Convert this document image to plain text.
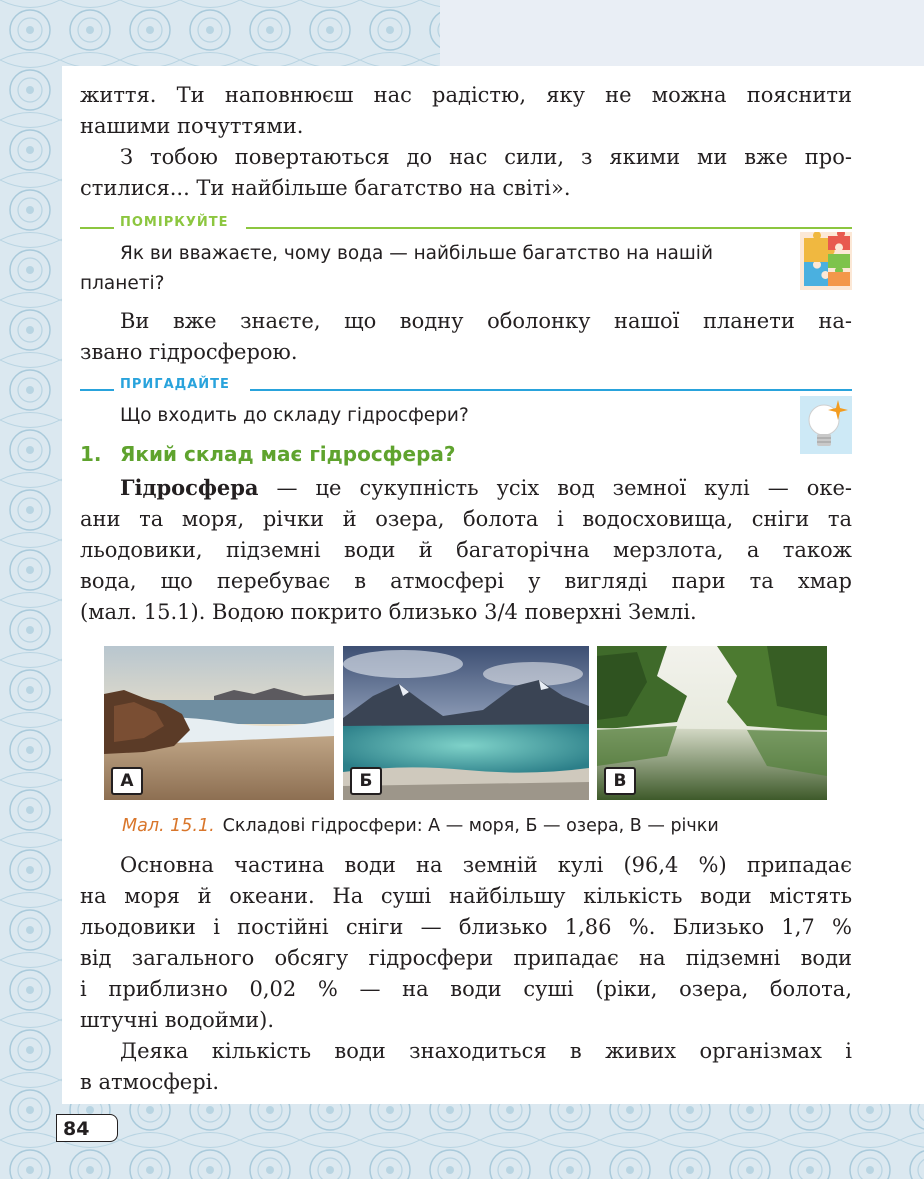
життя. Ти наповнюєш нас радістю, яку не можна пояснити
нашими почуттями.

З тобою повертаються до нас сили, з якими ми вже про-
стилися... Ти найбільше багатство на світі».

ПОМІРКУЙТЕ

Як ви вважаєте, чому вода — найбільше багатство на нашій

планеті?

Ви вже знаєте, що водну оболонку нашої планети на-
звано гідросферою.

ПРИГАДАЙТЕ

Що входить до складу гідросфери?

1. Який склад має гідросфера?

Гідросфера — це сукупність усіх вод земної кулі — оке-
ани та моря, річки й озера, болота і водосховища, сніги та
льодовики, підземні води й багаторічна мерзлота, а також
вода, що перебуває в атмосфері у вигляді пари та хмар
(мал. 15.1). Водою покрито близько 3/4 поверхні Землі.

А	Б	В
Мал. 15.1. Складові гідросфери: А — моря, Б — озера, В — річки

Основна частина води на земній кулі (96,4 %) припадає
на моря й океани. На суші найбільшу кількість води містять
льодовики і постійні сніги — близько 1,86 %. Близько 1,7 %
від загального обсягу гідросфери припадає на підземні води
і приблизно 0,02 % — на води суші (ріки, озера, болота,
штучні водойми).

Деяка кількість води знаходиться в живих організмах і
в атмосфері.

84
